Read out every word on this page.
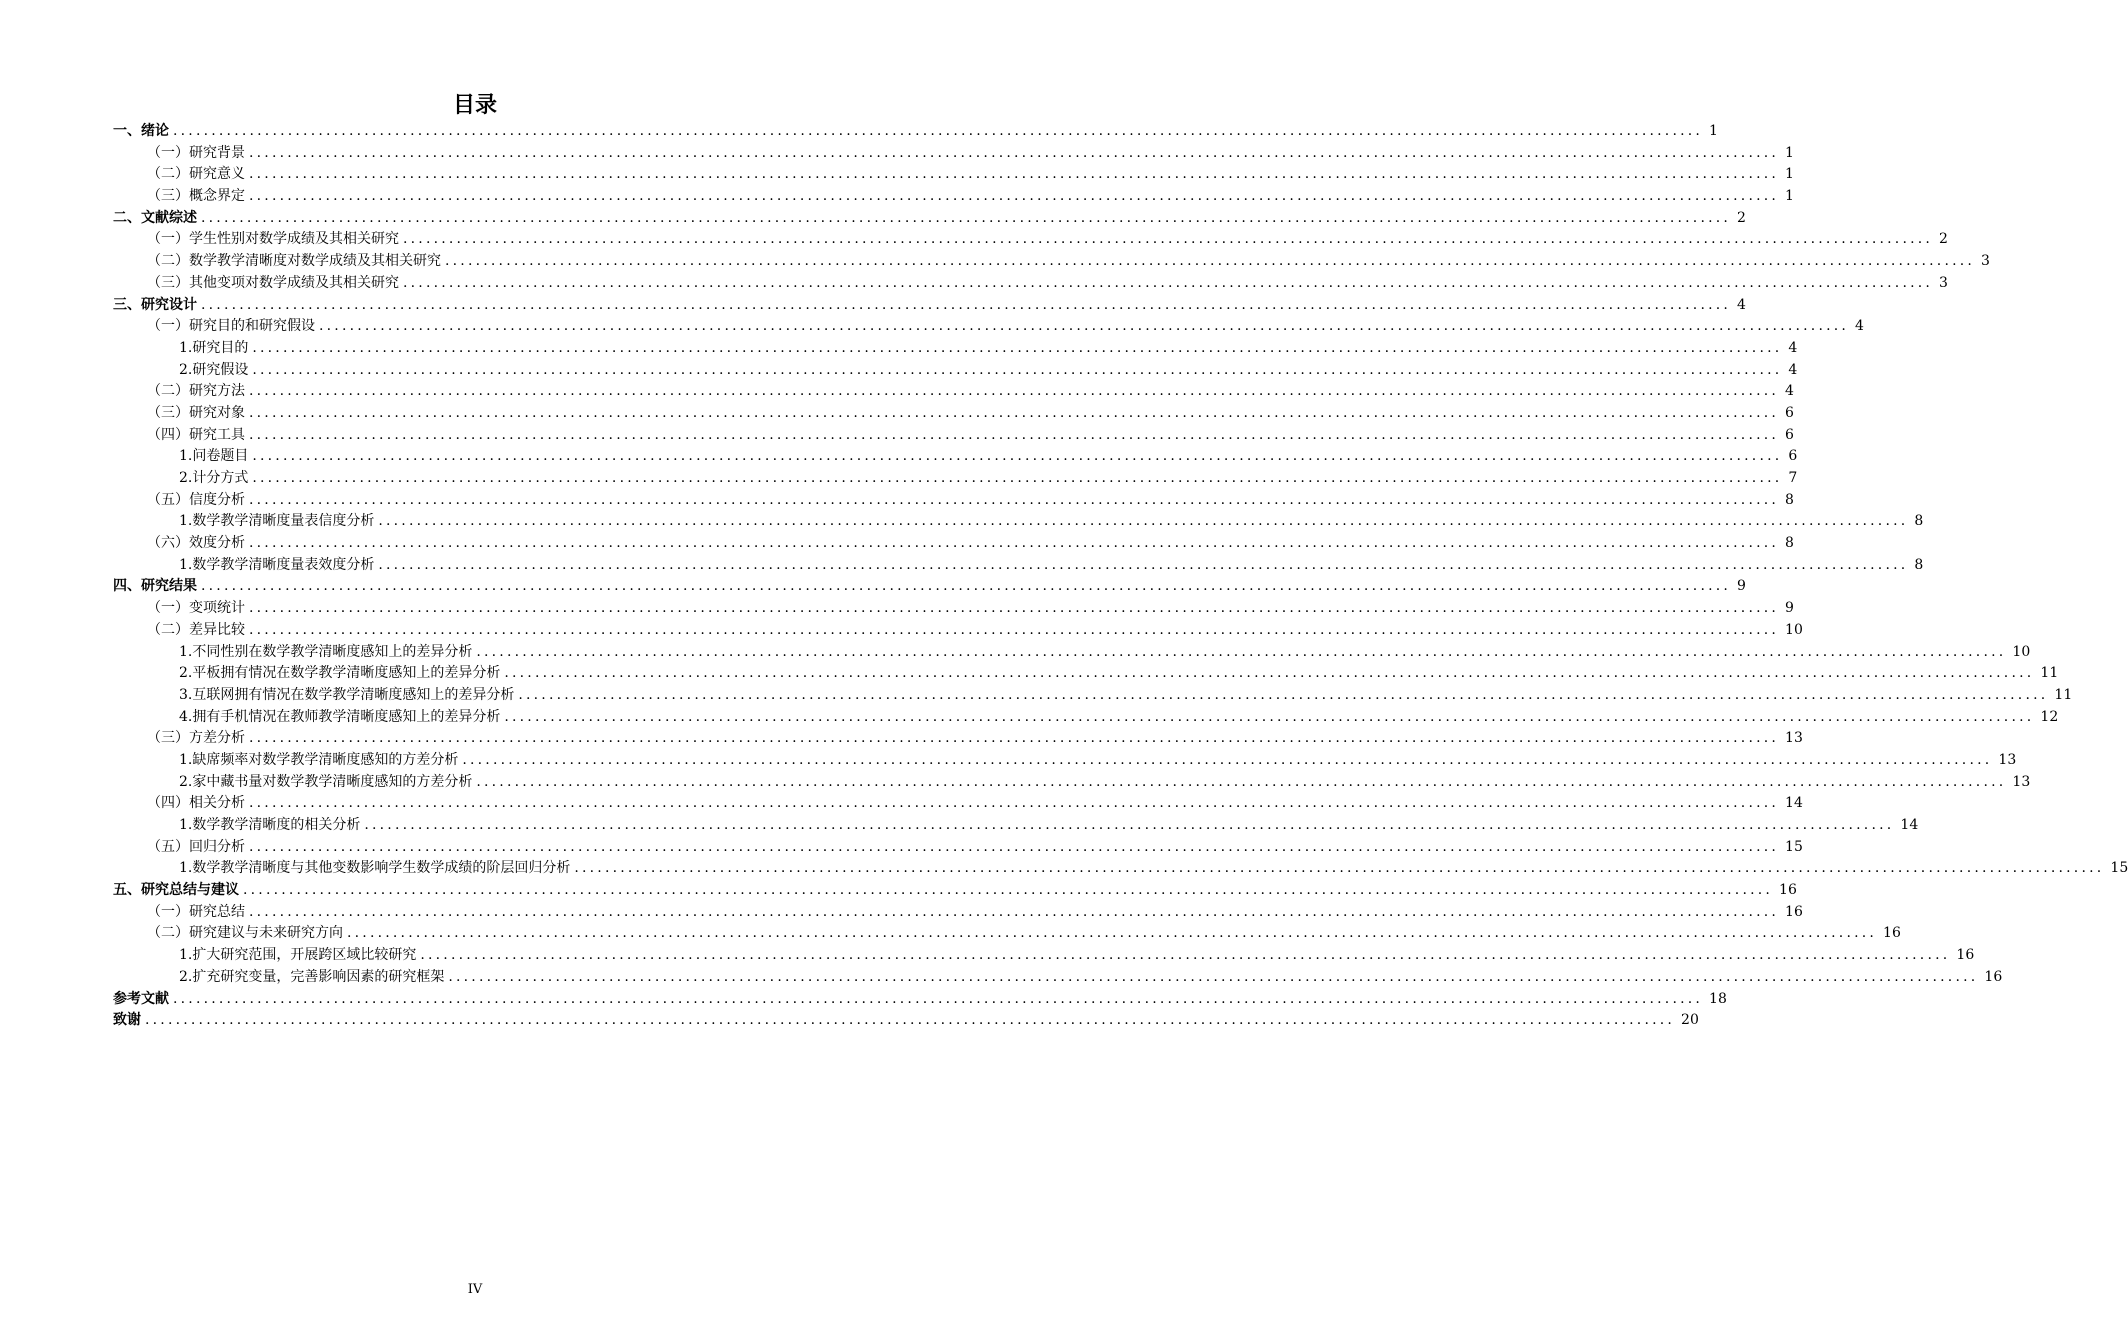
目录
一、绪论 ........................................................................................................................................................................................................ 1
（一）研究背景 ........................................................................................................................................................................................................ 1
（二）研究意义 ........................................................................................................................................................................................................ 1
（三）概念界定 ........................................................................................................................................................................................................ 1
二、文献综述 ........................................................................................................................................................................................................ 2
（一）学生性别对数学成绩及其相关研究 ........................................................................................................................................................................................................ 2
（二）数学教学清晰度对数学成绩及其相关研究 ........................................................................................................................................................................................................ 3
（三）其他变项对数学成绩及其相关研究 ........................................................................................................................................................................................................ 3
三、研究设计 ........................................................................................................................................................................................................ 4
（一）研究目的和研究假设 ........................................................................................................................................................................................................ 4
1.研究目的 ........................................................................................................................................................................................................ 4
2.研究假设 ........................................................................................................................................................................................................ 4
（二）研究方法 ........................................................................................................................................................................................................ 4
（三）研究对象 ........................................................................................................................................................................................................ 6
（四）研究工具 ........................................................................................................................................................................................................ 6
1.问卷题目 ........................................................................................................................................................................................................ 6
2.计分方式 ........................................................................................................................................................................................................ 7
（五）信度分析 ........................................................................................................................................................................................................ 8
1.数学教学清晰度量表信度分析 ........................................................................................................................................................................................................ 8
（六）效度分析 ........................................................................................................................................................................................................ 8
1.数学教学清晰度量表效度分析 ........................................................................................................................................................................................................ 8
四、研究结果 ........................................................................................................................................................................................................ 9
（一）变项统计 ........................................................................................................................................................................................................ 9
（二）差异比较 ........................................................................................................................................................................................................ 10
1.不同性别在数学教学清晰度感知上的差异分析 ........................................................................................................................................................................................................ 10
2.平板拥有情况在数学教学清晰度感知上的差异分析 ........................................................................................................................................................................................................ 11
3.互联网拥有情况在数学教学清晰度感知上的差异分析 ........................................................................................................................................................................................................ 11
4.拥有手机情况在教师教学清晰度感知上的差异分析 ........................................................................................................................................................................................................ 12
（三）方差分析 ........................................................................................................................................................................................................ 13
1.缺席频率对数学教学清晰度感知的方差分析 ........................................................................................................................................................................................................ 13
2.家中藏书量对数学教学清晰度感知的方差分析 ........................................................................................................................................................................................................ 13
（四）相关分析 ........................................................................................................................................................................................................ 14
1.数学教学清晰度的相关分析 ........................................................................................................................................................................................................ 14
（五）回归分析 ........................................................................................................................................................................................................ 15
1.数学教学清晰度与其他变数影响学生数学成绩的阶层回归分析 ........................................................................................................................................................................................................ 15
五、研究总结与建议 ........................................................................................................................................................................................................ 16
（一）研究总结 ........................................................................................................................................................................................................ 16
（二）研究建议与未来研究方向 ........................................................................................................................................................................................................ 16
1.扩大研究范围，开展跨区域比较研究 ........................................................................................................................................................................................................ 16
2.扩充研究变量，完善影响因素的研究框架 ........................................................................................................................................................................................................ 16
参考文献 ........................................................................................................................................................................................................ 18
致谢 ........................................................................................................................................................................................................ 20
IV
